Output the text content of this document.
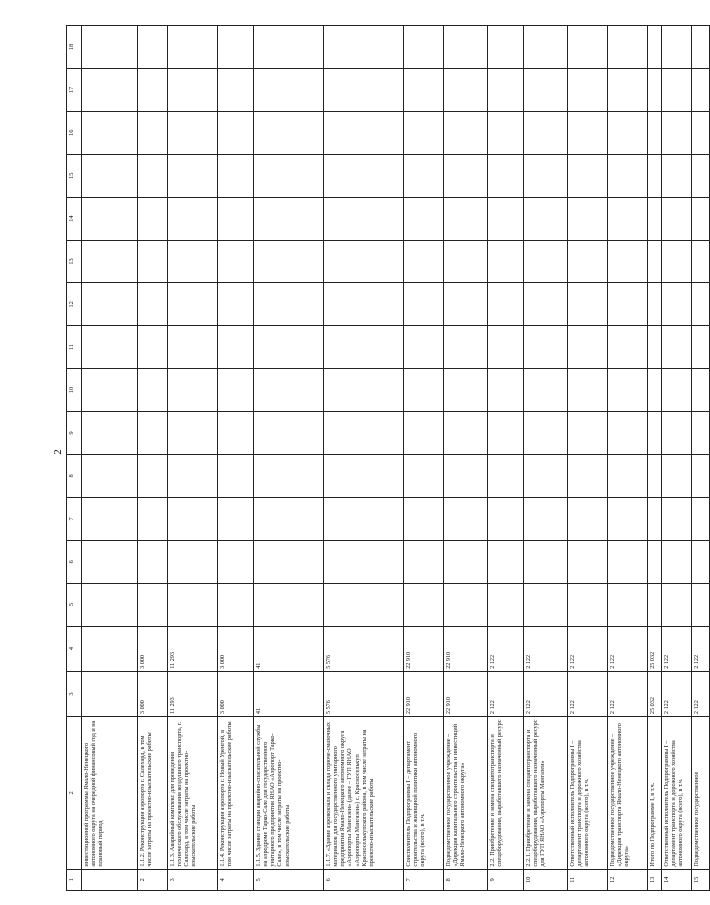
2
1	2	3	4	5	6	7	8	9	10	11	12	13	14	15	16	17	18
	инвестиционной программы Ямало-Ненецкого автономного округа на очередной финансовый год и на плановый период																
2	1.1.2. Реконструкция аэропорта г. Салехард, в том числе затраты на проектно-изыскательские работы	3 000	3 000														
3	1.1.3. Аварийный комплекс для проведения технического обслуживания воздушного транспорта, г. Салехард, в том числе затраты на проектно-изыскательские работы	11 293	11 293														
4	1.1.4. Реконструкция аэропорта г. Новый Уренгой, в том числе затраты на проектно-изыскательские работы	3 000	3 000														
5	1.1.5. Здание станции аварийно-спасательной службы на аэродроме Тарко-Сале для государственного унитарного предприятия ЯНАО «Аэропорт Тарко-Сале», в том числе затраты на проектно-изыскательские работы	41	41														
6	1.1.7. «Здание аэровокзала и склада горюче-смазочных материалов для государственного унитарного предприятия Ямало-Ненецкого автономного округа «Аэропорты Мангазеи» (далее – ГУП ЯНАО «Аэропорты Мангазеи») с. Красноселькуп Красноселькупского района, в том числе затраты на проектно-изыскательские работы	5 576	5 576														
7	Соисполнитель Подпрограммы I – департамент строительства и жилищной политики автономного округа (всего), в т.ч.	22 910	22 910														
8	Подведомственное государственное учреждение – «Дирекция капитального строительства и инвестиций Ямало-Ненецкого автономного округа»	22 910	22 910														
9	2.2. Приобретение и замена спецавтотранспорта и спецоборудования, выработавшего назначенный ресурс	2 122	2 122														
10	2.2.1. Приобретение и замена спецавтотранспорта и спецоборудования, выработавшего назначенный ресурс для ГУП ЯНАО «Аэропорты Мангазеи»	2 122	2 122														
11	Ответственный исполнитель Подпрограммы I – департамент транспорта и дорожного хозяйства автономного округа (всего), в т.ч.	2 122	2 122														
12	Подведомственное государственное учреждение – «Дирекция транспорта Ямало-Ненецкого автономного округа»	2 122	2 122														
13	Итого по Подпрограмме I, в т.ч.	25 032	25 032														
14	Ответственный исполнитель Подпрограммы I – департамент транспорта и дорожного хозяйства автономного округа (всего), в т.ч.	2 122	2 122														
15	Подведомственное государственное	2 122	2 122														
